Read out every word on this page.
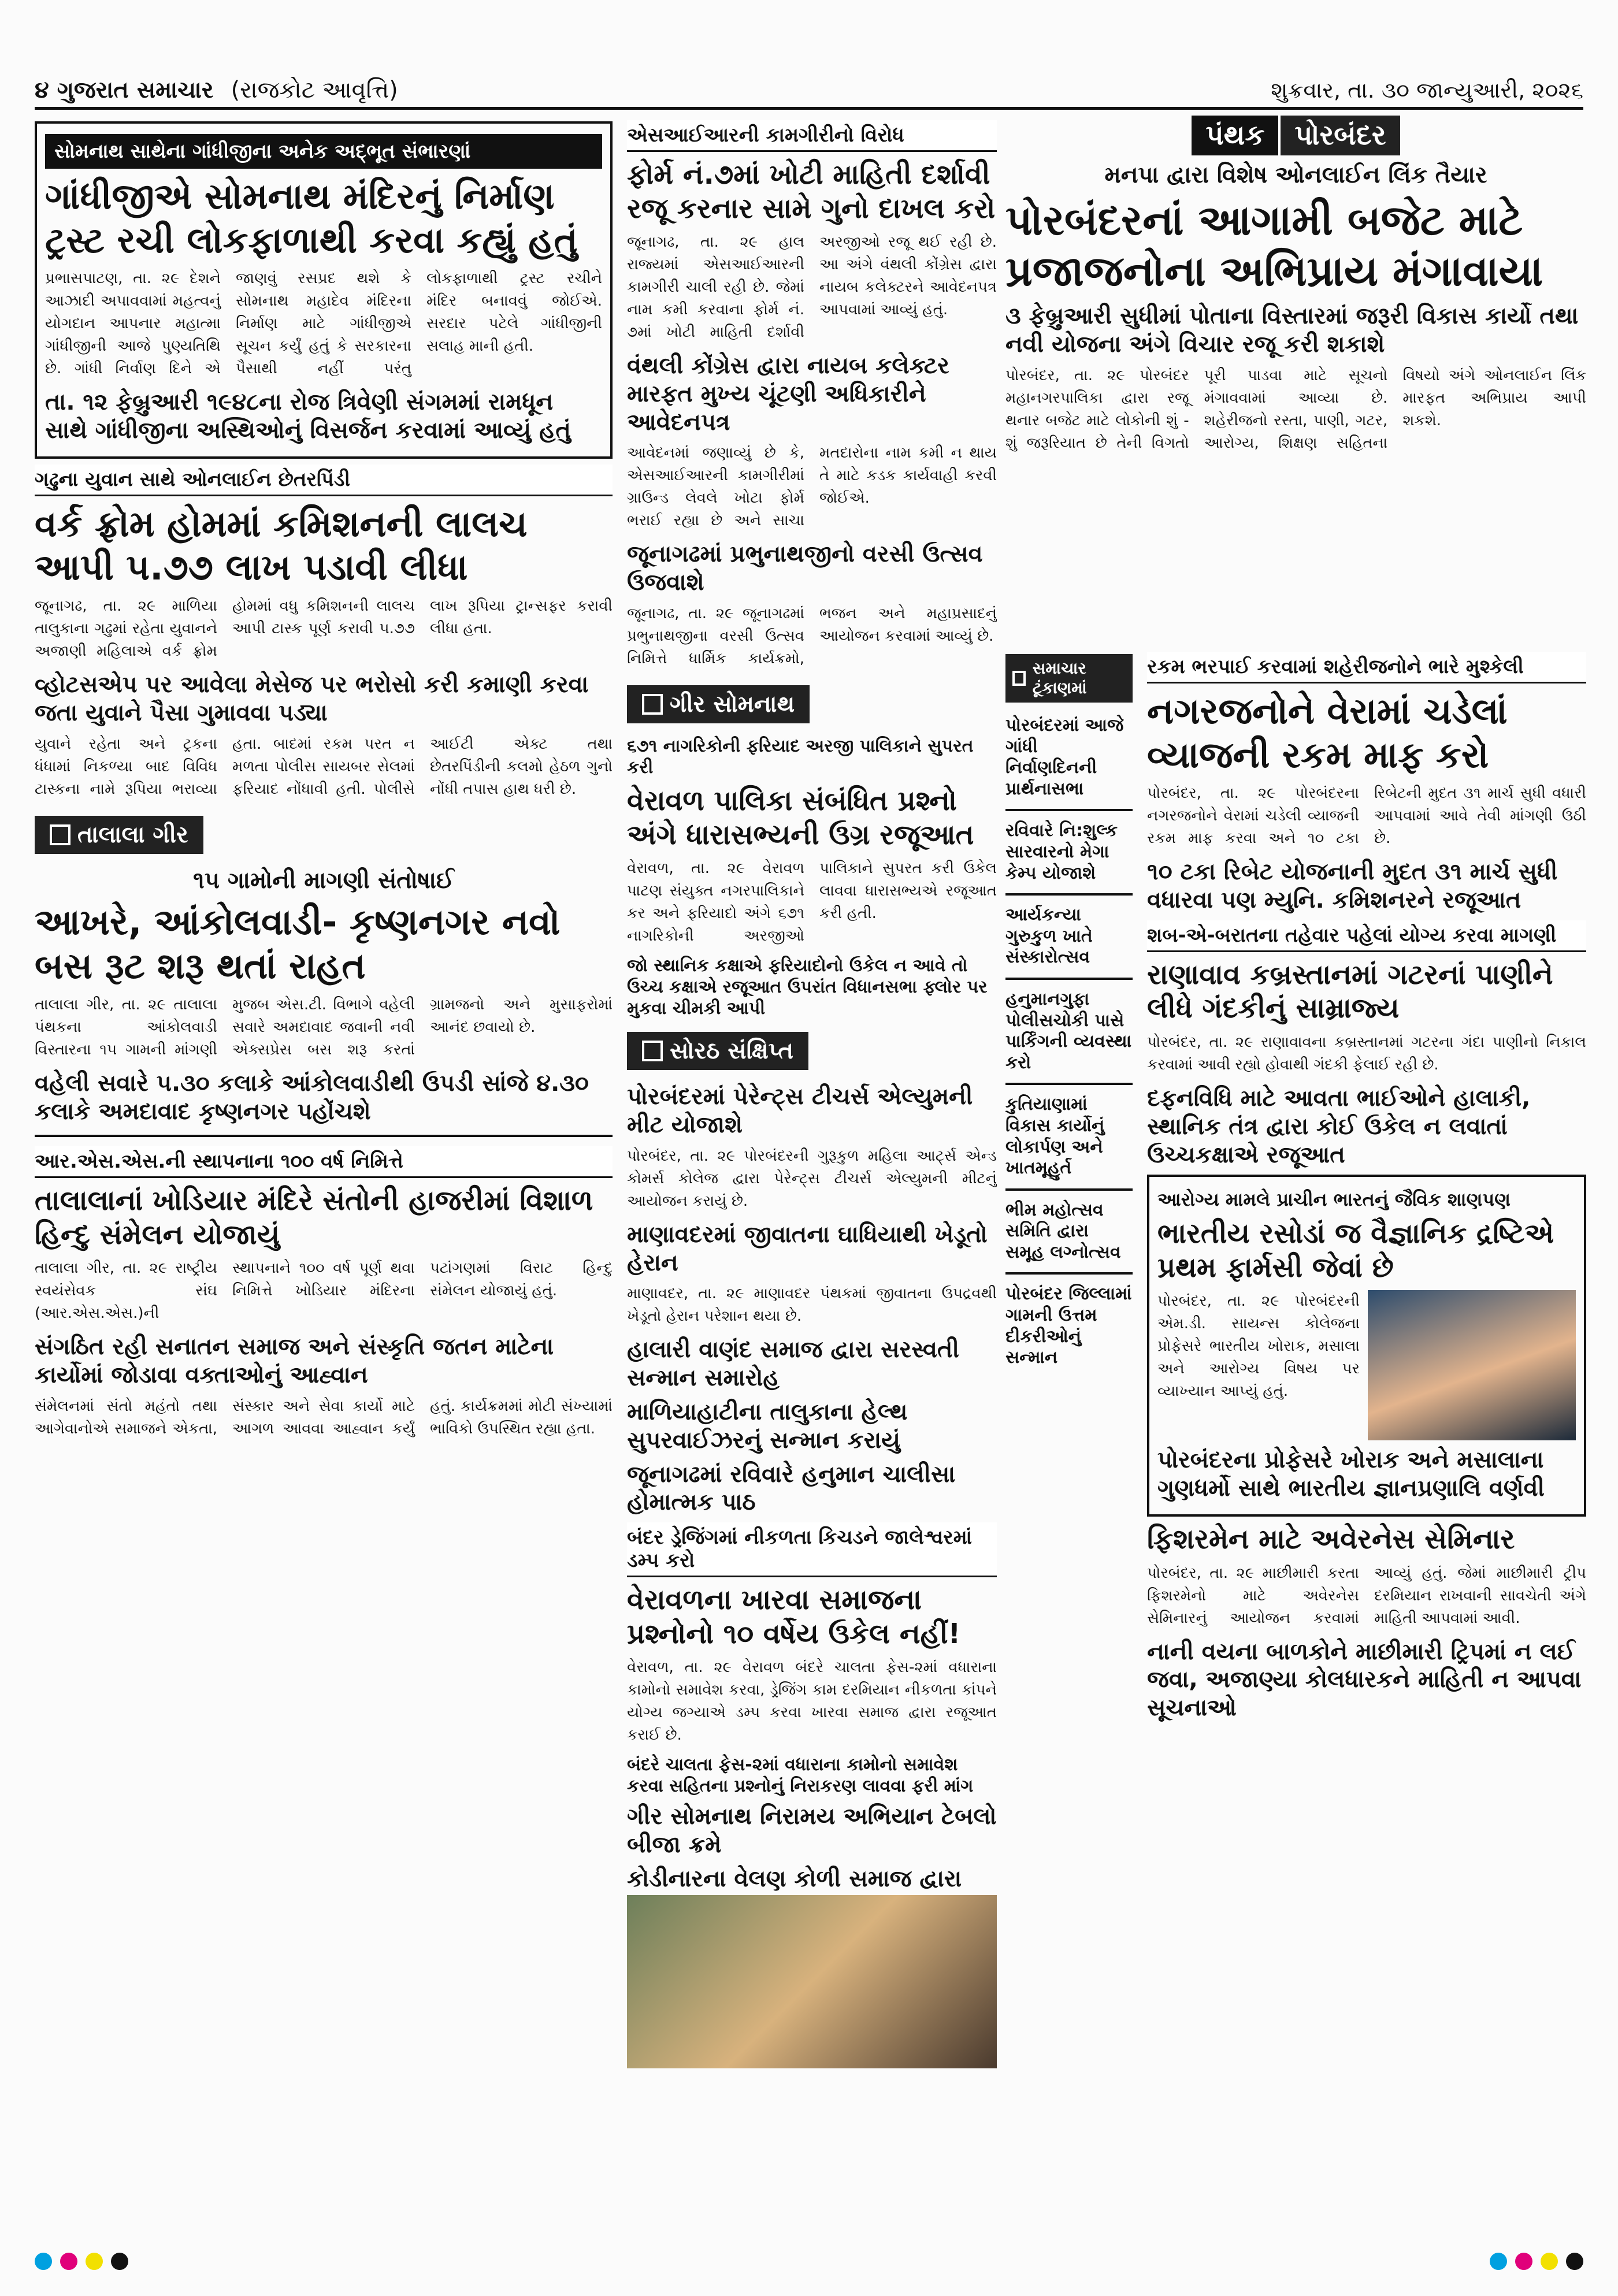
૪ ગુજરાત સમાચાર (રાજકોટ આવૃત્તિ)	શુક્રવાર, તા. ૩૦ જાન્યુઆરી, ૨૦૨૬
સોમનાથ સાથેના ગાંધીજીના અનેક અદ્ભૂત સંભારણાં
ગાંધીજીએ સોમનાથ મંદિરનું નિર્માણ ટ્રસ્ટ રચી લોકફાળાથી કરવા કહ્યું હતું
પ્રભાસપાટણ, તા. ૨૯ દેશને આઝાદી અપાવવામાં મહત્વનું યોગદાન આપનાર મહાત્મા ગાંધીજીની આજે પુણ્યતિથિ છે. ગાંધી નિર્વાણ દિને એ જાણવું રસપ્રદ થશે કે સોમનાથ મહાદેવ મંદિરના નિર્માણ માટે ગાંધીજીએ સૂચન કર્યું હતું કે સરકારના પૈસાથી નહીં પરંતુ લોકફાળાથી ટ્રસ્ટ રચીને મંદિર બનાવવું જોઈએ. સરદાર પટેલે ગાંધીજીની સલાહ માની હતી.
તા. ૧૨ ફેબ્રુઆરી ૧૯૪૮ના રોજ ત્રિવેણી સંગમમાં રામધૂન સાથે ગાંધીજીના અસ્થિઓનું વિસર્જન કરવામાં આવ્યું હતું
ગઢુના યુવાન સાથે ઓનલાઈન છેતરપિંડી
વર્ક ફ્રોમ હોમમાં કમિશનની લાલચ આપી ૫.૭૭ લાખ પડાવી લીધા
જૂનાગઢ, તા. ૨૯ માળિયા તાલુકાના ગઢુમાં રહેતા યુવાનને અજાણી મહિલાએ વર્ક ફ્રોમ હોમમાં વધુ કમિશનની લાલચ આપી ટાસ્ક પૂર્ણ કરાવી ૫.૭૭ લાખ રૂપિયા ટ્રાન્સફર કરાવી લીધા હતા.
વ્હોટસએપ પર આવેલા મેસેજ પર ભરોસો કરી કમાણી કરવા જતા યુવાને પૈસા ગુમાવવા પડ્યા
યુવાને રહેતા અને ટ્રકના ધંધામાં નિકળ્યા બાદ વિવિધ ટાસ્કના નામે રૂપિયા ભરાવ્યા હતા. બાદમાં રકમ પરત ન મળતા પોલીસ સાયબર સેલમાં ફરિયાદ નોંધાવી હતી. પોલીસે આઈટી એક્ટ તથા છેતરપિંડીની કલમો હેઠળ ગુનો નોંધી તપાસ હાથ ધરી છે.
તાલાલા ગીર
૧૫ ગામોની માગણી સંતોષાઈ
આખરે, આંકોલવાડી- કૃષ્ણનગર નવો બસ રૂટ શરૂ થતાં રાહત
તાલાલા ગીર, તા. ૨૯ તાલાલા પંથકના આંકોલવાડી વિસ્તારના ૧૫ ગામની માંગણી મુજબ એસ.ટી. વિભાગે વહેલી સવારે અમદાવાદ જવાની નવી એક્સપ્રેસ બસ શરૂ કરતાં ગ્રામજનો અને મુસાફરોમાં આનંદ છવાયો છે.
વહેલી સવારે ૫.૩૦ કલાકે આંકોલવાડીથી ઉપડી સાંજે ૪.૩૦ કલાકે અમદાવાદ કૃષ્ણનગર પહોંચશે
આર.એસ.એસ.ની સ્થાપનાના ૧૦૦ વર્ષ નિમિત્તે
તાલાલાનાં ખોડિયાર મંદિરે સંતોની હાજરીમાં વિશાળ હિન્દુ સંમેલન યોજાયું
તાલાલા ગીર, તા. ૨૯ રાષ્ટ્રીય સ્વયંસેવક સંઘ (આર.એસ.એસ.)ની સ્થાપનાને ૧૦૦ વર્ષ પૂર્ણ થવા નિમિત્તે ખોડિયાર મંદિરના પટાંગણમાં વિરાટ હિન્દુ સંમેલન યોજાયું હતું.
સંગઠિત રહી સનાતન સમાજ અને સંસ્કૃતિ જતન માટેના કાર્યોમાં જોડાવા વક્તાઓનું આહ્વાન
સંમેલનમાં સંતો મહંતો તથા આગેવાનોએ સમાજને એકતા, સંસ્કાર અને સેવા કાર્યો માટે આગળ આવવા આહ્વાન કર્યું હતું. કાર્યક્રમમાં મોટી સંખ્યામાં ભાવિકો ઉપસ્થિત રહ્યા હતા.
એસઆઈઆરની કામગીરીનો વિરોધ
ફોર્મ નં.૭માં ખોટી માહિતી દર્શાવી રજૂ કરનાર સામે ગુનો દાખલ કરો
જૂનાગઢ, તા. ૨૯ હાલ રાજ્યમાં એસઆઈઆરની કામગીરી ચાલી રહી છે. જેમાં નામ કમી કરવાના ફોર્મ નં. ૭માં ખોટી માહિતી દર્શાવી અરજીઓ રજૂ થઈ રહી છે. આ અંગે વંથલી કોંગ્રેસ દ્વારા નાયબ કલેક્ટરને આવેદનપત્ર આપવામાં આવ્યું હતું.
વંથલી કોંગ્રેસ દ્વારા નાયબ કલેક્ટર મારફત મુખ્ય ચૂંટણી અધિકારીને આવેદનપત્ર
આવેદનમાં જણાવ્યું છે કે, એસઆઈઆરની કામગીરીમાં ગ્રાઉન્ડ લેવલે ખોટા ફોર્મ ભરાઈ રહ્યા છે અને સાચા મતદારોના નામ કમી ન થાય તે માટે કડક કાર્યવાહી કરવી જોઈએ.
જૂનાગઢમાં પ્રભુનાથજીનો વરસી ઉત્સવ ઉજવાશે
જૂનાગઢ, તા. ૨૯ જૂનાગઢમાં પ્રભુનાથજીના વરસી ઉત્સવ નિમિત્તે ધાર્મિક કાર્યક્રમો, ભજન અને મહાપ્રસાદનું આયોજન કરવામાં આવ્યું છે.
ગીર સોમનાથ
૬૭૧ નાગરિકોની ફરિયાદ અરજી પાલિકાને સુપરત કરી
વેરાવળ પાલિકા સંબંધિત પ્રશ્નો અંગે ધારાસભ્યની ઉગ્ર રજૂઆત
વેરાવળ, તા. ૨૯ વેરાવળ પાટણ સંયુક્ત નગરપાલિકાને કર અને ફરિયાદો અંગે ૬૭૧ નાગરિકોની અરજીઓ પાલિકાને સુપરત કરી ઉકેલ લાવવા ધારાસભ્યએ રજૂઆત કરી હતી.
જો સ્થાનિક કક્ષાએ ફરિયાદોનો ઉકેલ ન આવે તો ઉચ્ચ કક્ષાએ રજૂઆત ઉપરાંત વિધાનસભા ફ્લોર પર મુકવા ચીમકી આપી
સોરઠ સંક્ષિપ્ત
પોરબંદરમાં પેરેન્ટ્સ ટીચર્સ એલ્યુમની મીટ યોજાશે
પોરબંદર, તા. ૨૯ પોરબંદરની ગુરૂકુળ મહિલા આર્ટ્સ એન્ડ કોમર્સ કોલેજ દ્વારા પેરેન્ટ્સ ટીચર્સ એલ્યુમની મીટનું આયોજન કરાયું છે.
માણાવદરમાં જીવાતના ઘાધિયાથી ખેડૂતો હેરાન
માણાવદર, તા. ૨૯ માણાવદર પંથકમાં જીવાતના ઉપદ્રવથી ખેડૂતો હેરાન પરેશાન થયા છે.
હાલારી વાણંદ સમાજ દ્વારા સરસ્વતી સન્માન સમારોહ
માળિયાહાટીના તાલુકાના હેલ્થ સુપરવાઈઝરનું સન્માન કરાયું
જૂનાગઢમાં રવિવારે હનુમાન ચાલીસા હોમાત્મક પાઠ
બંદર ડ્રેજિંગમાં નીકળતા કિચડને જાલેશ્વરમાં ડમ્પ કરો
વેરાવળના ખારવા સમાજના પ્રશ્નોનો ૧૦ વર્ષેય ઉકેલ નહીં!
વેરાવળ, તા. ૨૯ વેરાવળ બંદરે ચાલતા ફેસ-૨માં વધારાના કામોનો સમાવેશ કરવા, ડ્રેજિંગ કામ દરમિયાન નીકળતા કાંપને યોગ્ય જગ્યાએ ડમ્પ કરવા ખારવા સમાજ દ્વારા રજૂઆત કરાઈ છે.
બંદરે ચાલતા ફેસ-૨માં વધારાના કામોનો સમાવેશ કરવા સહિતના પ્રશ્નોનું નિરાકરણ લાવવા ફરી માંગ
ગીર સોમનાથ નિરામય અભિયાન ટેબલો બીજા ક્રમે
કોડીનારના વેલણ કોળી સમાજ દ્વારા
સમાચાર ટૂંકાણમાં
પોરબંદરમાં આજે ગાંધી નિર્વાણદિનની પ્રાર્થનાસભા
રવિવારે નિ:શુલ્ક સારવારનો મેગા કેમ્પ યોજાશે
આર્યકન્યા ગુરુકુળ ખાતે સંસ્કારોત્સવ
હનુમાનગુફા પોલીસચોકી પાસે પાર્કિંગની વ્યવસ્થા કરો
કુતિયાણામાં વિકાસ કાર્યોનું લોકાર્પણ અને ખાતમૂહુર્ત
ભીમ મહોત્સવ સમિતિ દ્વારા સમૂહ લગ્નોત્સવ
પોરબંદર જિલ્લામાં ગામની ઉત્તમ દીકરીઓનું સન્માન
પંથક	પોરબંદર
મનપા દ્વારા વિશેષ ઓનલાઈન લિંક તૈયાર
પોરબંદરનાં આગામી બજેટ માટે પ્રજાજનોના અભિપ્રાય મંગાવાયા
૩ ફેબ્રુઆરી સુધીમાં પોતાના વિસ્તારમાં જરૂરી વિકાસ કાર્યો તથા નવી યોજના અંગે વિચાર રજૂ કરી શકાશે
પોરબંદર, તા. ૨૯ પોરબંદર મહાનગરપાલિકા દ્વારા રજૂ થનાર બજેટ માટે લોકોની શું - શું જરૂરિયાત છે તેની વિગતો પૂરી પાડવા માટે સૂચનો મંગાવવામાં આવ્યા છે. શહેરીજનો રસ્તા, પાણી, ગટર, આરોગ્ય, શિક્ષણ સહિતના વિષયો અંગે ઓનલાઈન લિંક મારફત અભિપ્રાય આપી શકશે.
રકમ ભરપાઈ કરવામાં શહેરીજનોને ભારે મુશ્કેલી
નગરજનોને વેરામાં ચડેલાં વ્યાજની રકમ માફ કરો
પોરબંદર, તા. ૨૯ પોરબંદરના નગરજનોને વેરામાં ચડેલી વ્યાજની રકમ માફ કરવા અને ૧૦ ટકા રિબેટની મુદત ૩૧ માર્ચ સુધી વધારી આપવામાં આવે તેવી માંગણી ઉઠી છે.
૧૦ ટકા રિબેટ યોજનાની મુદત ૩૧ માર્ચ સુધી વધારવા પણ મ્યુનિ. કમિશનરને રજૂઆત
શબ-એ-બરાતના તહેવાર પહેલાં યોગ્ય કરવા માગણી
રાણાવાવ કબ્રસ્તાનમાં ગટરનાં પાણીને લીધે ગંદકીનું સામ્રાજ્ય
પોરબંદર, તા. ૨૯ રાણાવાવના કબ્રસ્તાનમાં ગટરના ગંદા પાણીનો નિકાલ કરવામાં આવી રહ્યો હોવાથી ગંદકી ફેલાઈ રહી છે.
દફનવિધિ માટે આવતા ભાઈઓને હાલાકી, સ્થાનિક તંત્ર દ્વારા કોઈ ઉકેલ ન લવાતાં ઉચ્ચકક્ષાએ રજૂઆત
આરોગ્ય મામલે પ્રાચીન ભારતનું જૈવિક શાણપણ
ભારતીય રસોડાં જ વૈજ્ઞાનિક દ્રષ્ટિએ પ્રથમ ફાર્મસી જેવાં છે
પોરબંદર, તા. ૨૯ પોરબંદરની એમ.ડી. સાયન્સ કોલેજના પ્રોફેસરે ભારતીય ખોરાક, મસાલા અને આરોગ્ય વિષય પર વ્યાખ્યાન આપ્યું હતું.
પોરબંદરના પ્રોફેસરે ખોરાક અને મસાલાના ગુણધર્મો સાથે ભારતીય જ્ઞાનપ્રણાલિ વર્ણવી
ફિશરમેન માટે અવેરનેસ સેમિનાર
પોરબંદર, તા. ૨૯ માછીમારી કરતા ફિશરમેનો માટે અવેરનેસ સેમિનારનું આયોજન કરવામાં આવ્યું હતું. જેમાં માછીમારી ટ્રીપ દરમિયાન રાખવાની સાવચેતી અંગે માહિતી આપવામાં આવી.
નાની વયના બાળકોને માછીમારી ટ્રિપમાં ન લઈ જવા, અજાણ્યા કોલધારકને માહિતી ન આપવા સૂચનાઓ
